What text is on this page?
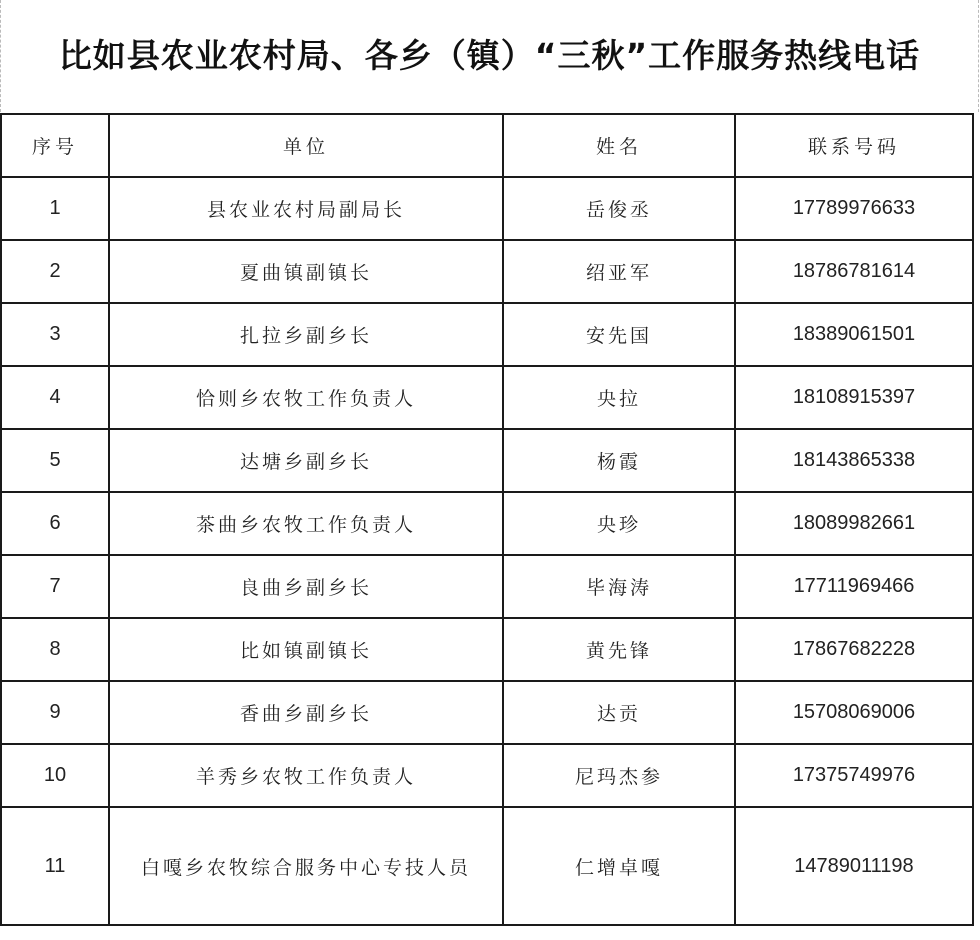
比如县农业农村局、各乡（镇）“三秋”工作服务热线电话
序号	单位	姓名	联系号码
1	县农业农村局副局长	岳俊丞	17789976633
2	夏曲镇副镇长	绍亚军	18786781614
3	扎拉乡副乡长	安先国	18389061501
4	恰则乡农牧工作负责人	央拉	18108915397
5	达塘乡副乡长	杨霞	18143865338
6	茶曲乡农牧工作负责人	央珍	18089982661
7	良曲乡副乡长	毕海涛	17711969466
8	比如镇副镇长	黄先锋	17867682228
9	香曲乡副乡长	达贡	15708069006
10	羊秀乡农牧工作负责人	尼玛杰参	17375749976
11	白嘎乡农牧综合服务中心专技人员	仁增卓嘎	14789011198
